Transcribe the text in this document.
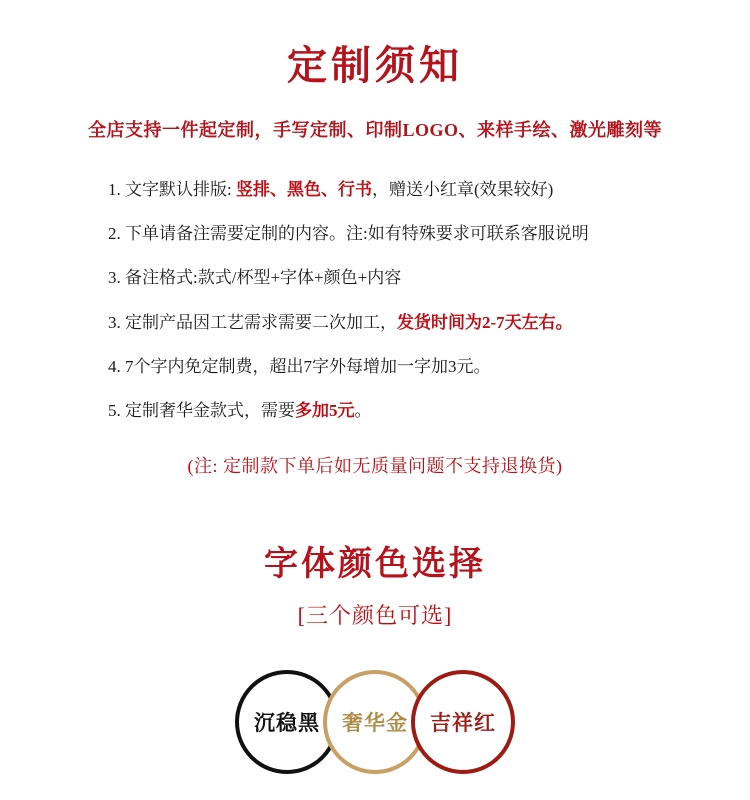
定制须知
全店支持一件起定制，手写定制、印制LOGO、来样手绘、激光雕刻等
1. 文字默认排版: 竖排、黑色、行书，赠送小红章(效果较好)
2. 下单请备注需要定制的内容。注:如有特殊要求可联系客服说明
3. 备注格式:款式/杯型+字体+颜色+内容
3. 定制产品因工艺需求需要二次加工，发货时间为2-7天左右。
4. 7个字内免定制费，超出7字外每增加一字加3元。
5. 定制奢华金款式，需要多加5元。
(注: 定制款下单后如无质量问题不支持退换货)
字体颜色选择
[三个颜色可选]
沉稳黑 奢华金 吉祥红
